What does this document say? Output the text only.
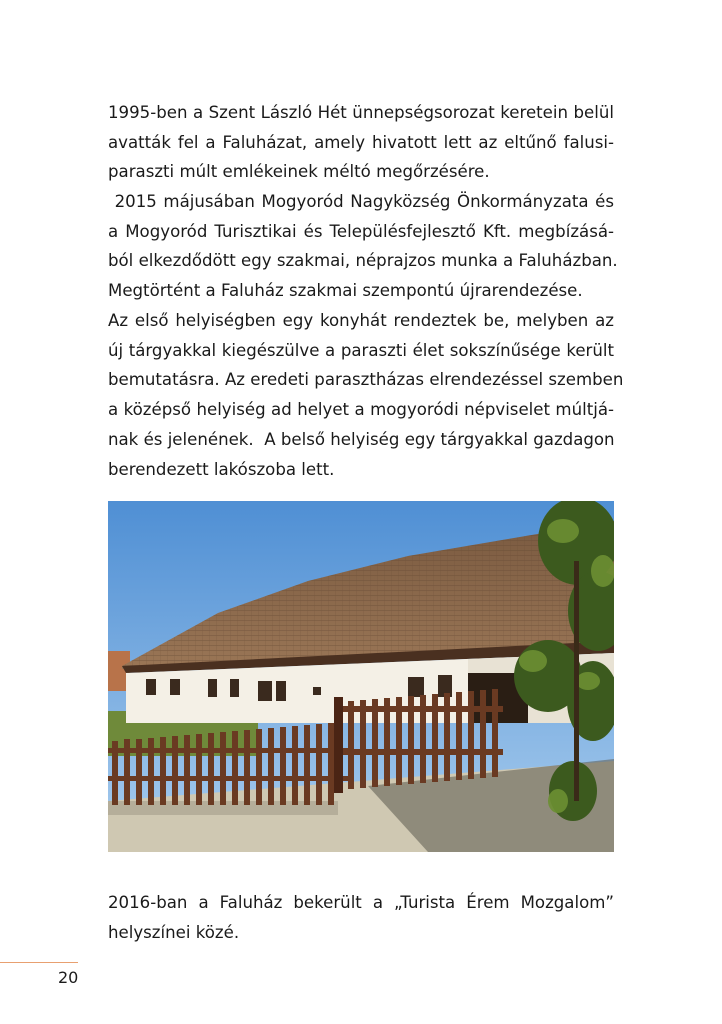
1995-ben a Szent László Hét ünnepségsorozat keretein belül
avatták fel a Faluházat, amely hivatott lett az eltűnő falusi-
paraszti múlt emlékeinek méltó megőrzésére.

2015 májusában Mogyoród Nagyközség Önkormányzata és
a Mogyoród Turisztikai és Településfejlesztő Kft. megbízásá-
ból elkezdődött egy szakmai, néprajzos munka a Faluházban.
Megtörtént a Faluház szakmai szempontú újrarendezése.

Az első helyiségben egy konyhát rendeztek be, melyben az
új tárgyakkal kiegészülve a paraszti élet sokszínűsége került
bemutatásra. Az eredeti parasztházas elrendezéssel szemben
a középső helyiség ad helyet a mogyoródi népviselet múltjá-
nak és jelenének.  A belső helyiség egy tárgyakkal gazdagon
berendezett lakószoba lett.

2016-ban a Faluház bekerült a „Turista Érem Mozgalom”
helyszínei közé.

20
